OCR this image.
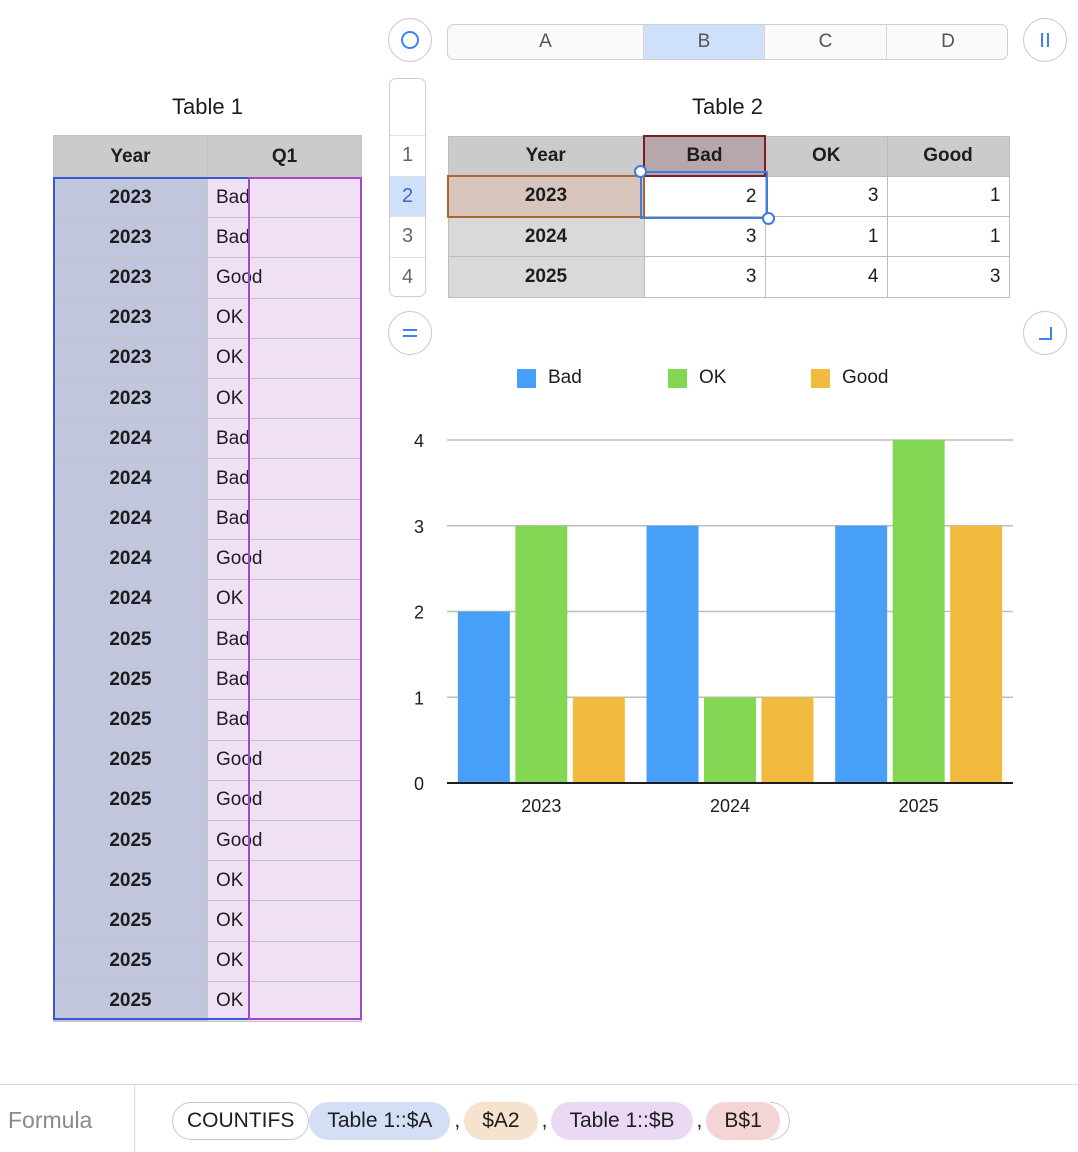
Table 1
Year	Q1
2023	Bad
2023	Bad
2023	Good
2023	OK
2023	OK
2023	OK
2024	Bad
2024	Bad
2024	Bad
2024	Good
2024	OK
2025	Bad
2025	Bad
2025	Bad
2025	Good
2025	Good
2025	Good
2025	OK
2025	OK
2025	OK
2025	OK
A	B	C	D
1
2
3
4
Table 2
Year	Bad	OK	Good
2023	2	3	1
2024	3	1	1
2025	3	4	3
Bad	OK	Good
0
1
2
3
4
2023	2024	2025
Formula	COUNTIFS	Table 1::$A	,	$A2	,	Table 1::$B	,	B$1
